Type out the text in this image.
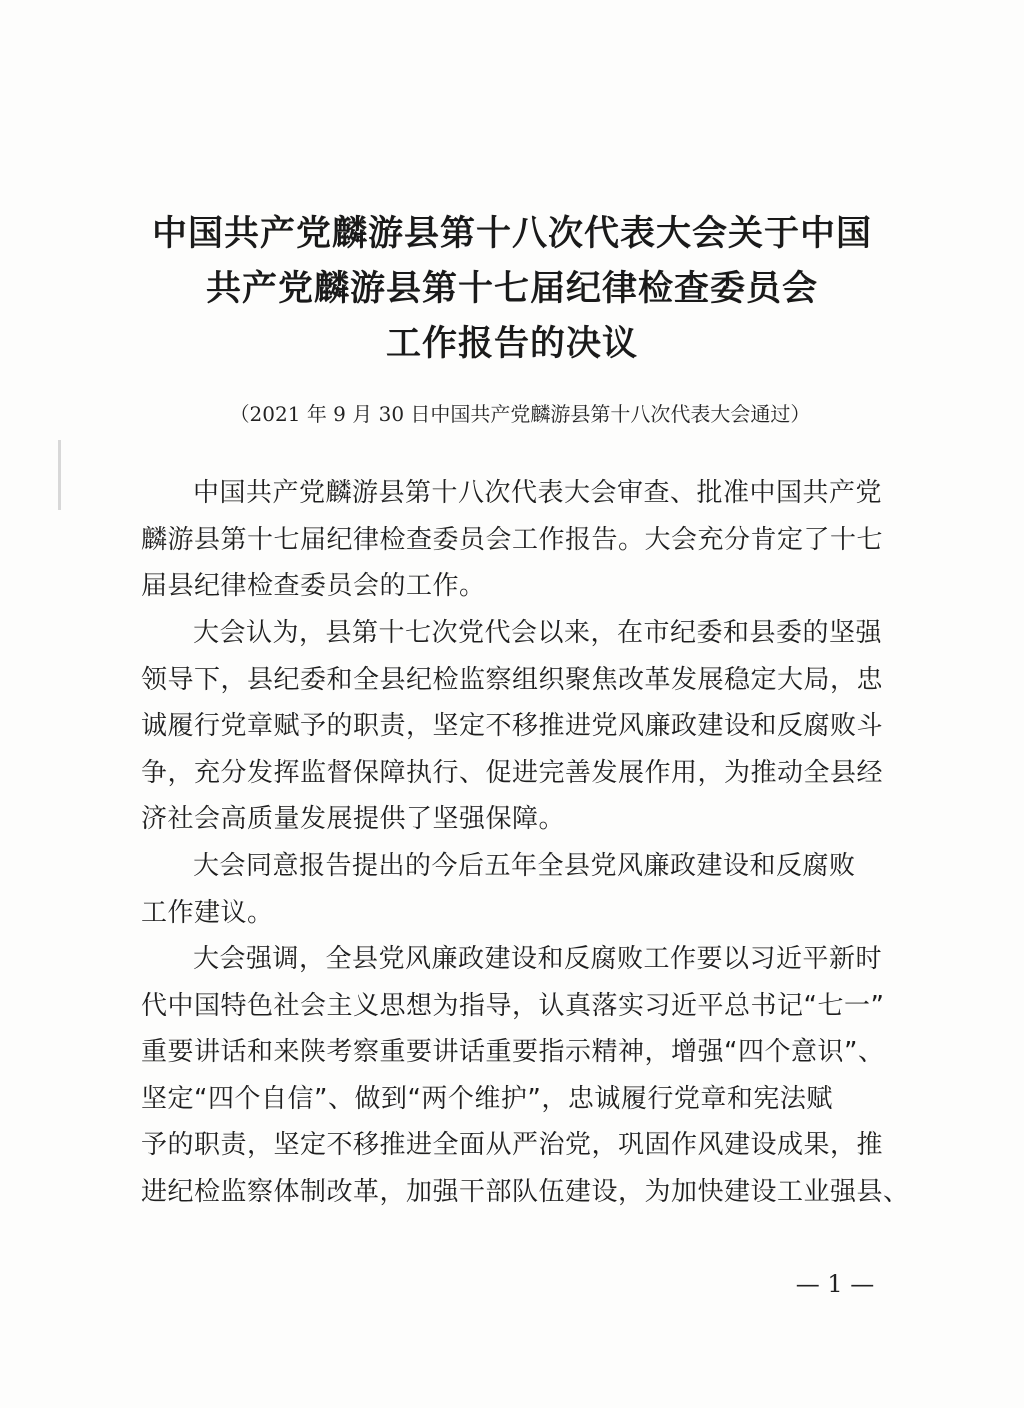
中国共产党麟游县第十八次代表大会关于中国
共产党麟游县第十七届纪律检查委员会
工作报告的决议
（2021 年 9 月 30 日中国共产党麟游县第十八次代表大会通过）
中国共产党麟游县第十八次代表大会审查、批准中国共产党
麟游县第十七届纪律检查委员会工作报告。大会充分肯定了十七
届县纪律检查委员会的工作。
大会认为，县第十七次党代会以来，在市纪委和县委的坚强
领导下，县纪委和全县纪检监察组织聚焦改革发展稳定大局，忠
诚履行党章赋予的职责，坚定不移推进党风廉政建设和反腐败斗
争，充分发挥监督保障执行、促进完善发展作用，为推动全县经
济社会高质量发展提供了坚强保障。
大会同意报告提出的今后五年全县党风廉政建设和反腐败
工作建议。
大会强调，全县党风廉政建设和反腐败工作要以习近平新时
代中国特色社会主义思想为指导，认真落实习近平总书记“七一”
重要讲话和来陕考察重要讲话重要指示精神，增强“四个意识”、
坚定“四个自信”、做到“两个维护”，忠诚履行党章和宪法赋
予的职责，坚定不移推进全面从严治党，巩固作风建设成果，推
进纪检监察体制改革，加强干部队伍建设，为加快建设工业强县、
— 1 —
